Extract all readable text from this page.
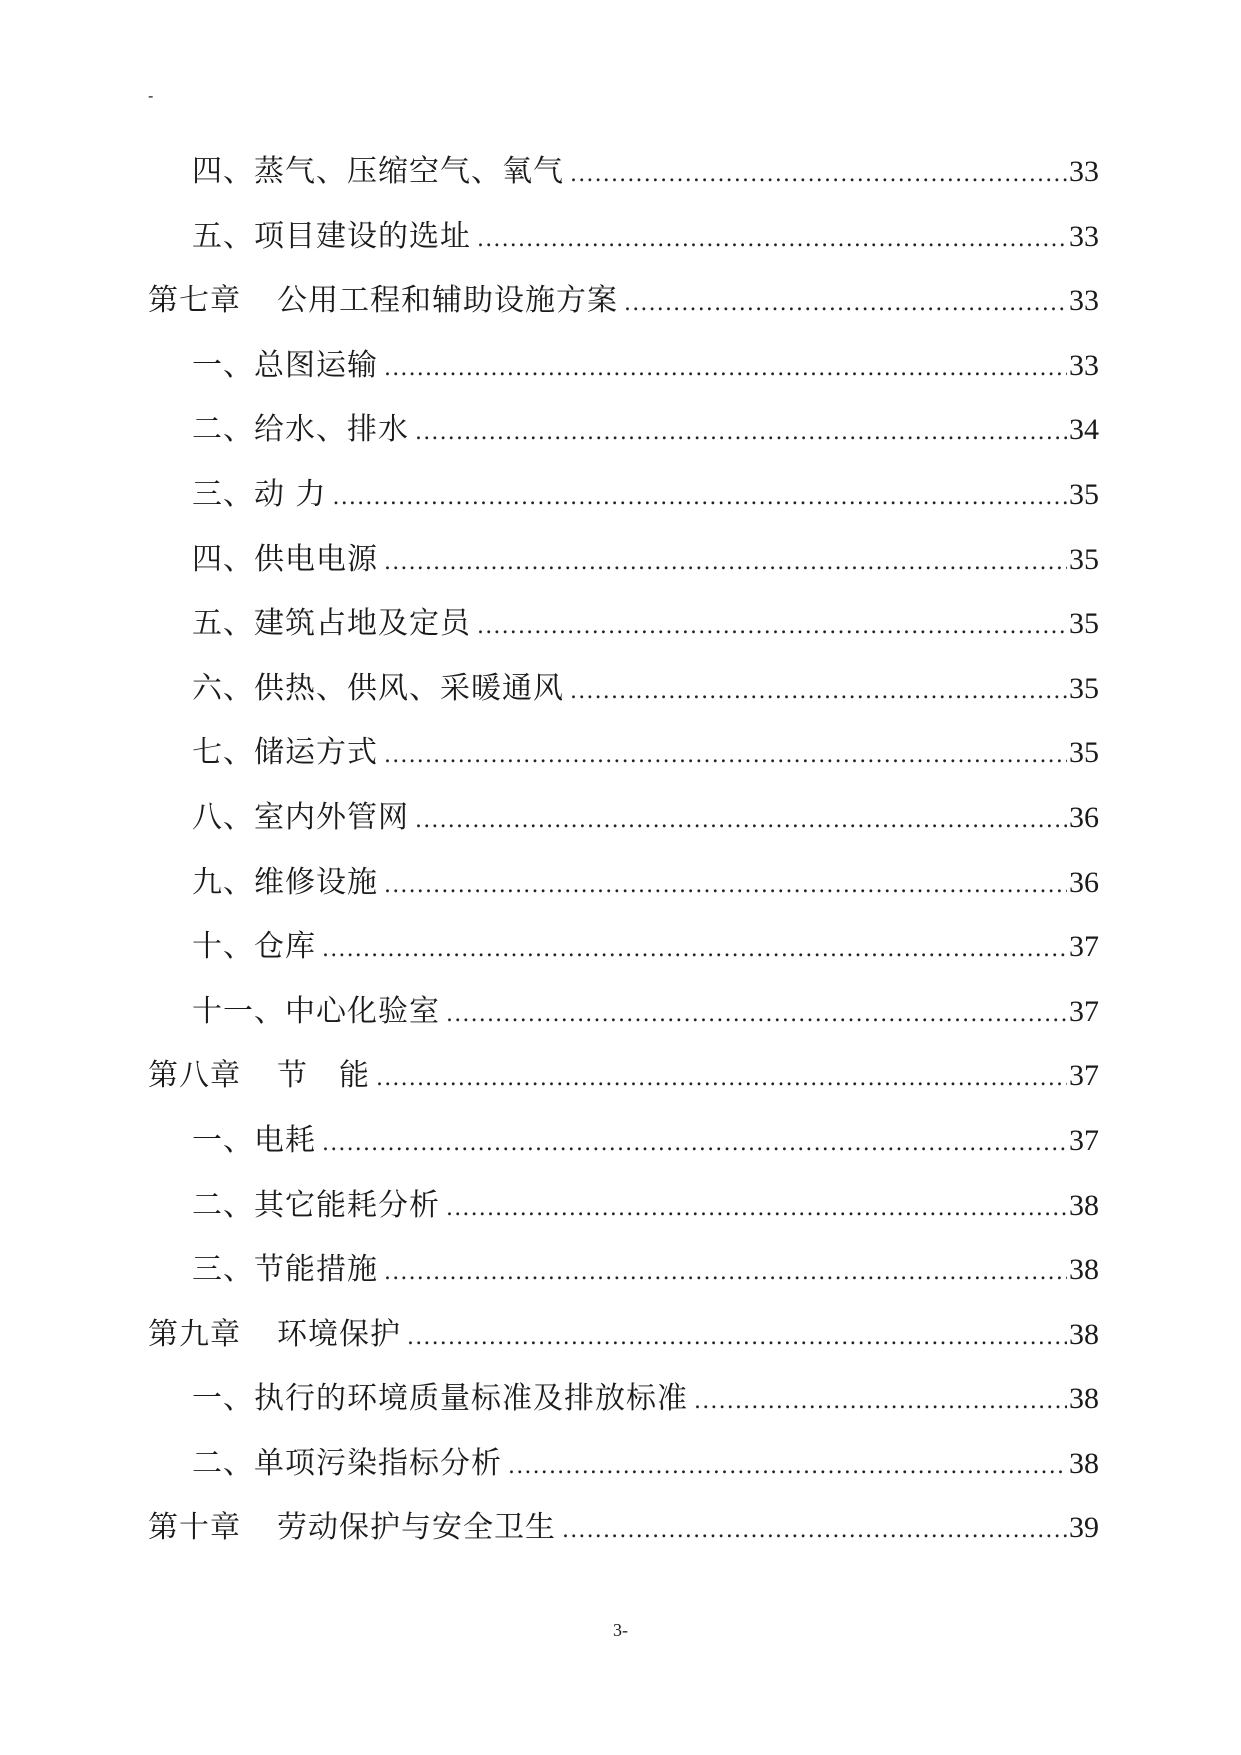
-
四、蒸气、压缩空气、氧气 .....	33
五、项目建设的选址 .....	33
第七章 公用工程和辅助设施方案 .....	33
一、总图运输 .....	33
二、给水、排水 .....	34
三、动 力 .....	35
四、供电电源 .....	35
五、建筑占地及定员 .....	35
六、供热、供风、采暖通风 .....	35
七、储运方式 .....	35
八、室内外管网 .....	36
九、维修设施 .....	36
十、仓库 .....	37
十一、中心化验室 .....	37
第八章 节　能 .....	37
一、电耗 .....	37
二、其它能耗分析 .....	38
三、节能措施 .....	38
第九章 环境保护 .....	38
一、执行的环境质量标准及排放标准 .....	38
二、单项污染指标分析 .....	38
第十章 劳动保护与安全卫生 .....	39
3-
